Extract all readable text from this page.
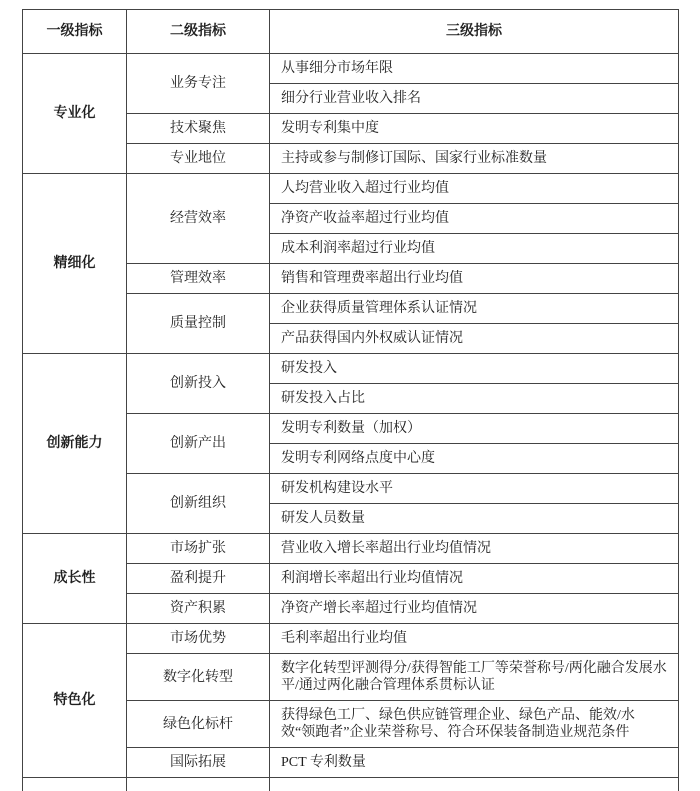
一级指标	二级指标	三级指标
专业化	业务专注	从事细分市场年限
		细分行业营业收入排名
	技术聚焦	发明专利集中度
	专业地位	主持或参与制修订国际、国家行业标准数量
精细化	经营效率	人均营业收入超过行业均值
		净资产收益率超过行业均值
		成本利润率超过行业均值
	管理效率	销售和管理费率超出行业均值
	质量控制	企业获得质量管理体系认证情况
		产品获得国内外权威认证情况
创新能力	创新投入	研发投入
		研发投入占比
	创新产出	发明专利数量（加权）
		发明专利网络点度中心度
	创新组织	研发机构建设水平
		研发人员数量
成长性	市场扩张	营业收入增长率超出行业均值情况
	盈利提升	利润增长率超出行业均值情况
	资产积累	净资产增长率超过行业均值情况
特色化	市场优势	毛利率超出行业均值
	数字化转型	数字化转型评测得分/获得智能工厂等荣誉称号/两化融合发展水平/通过两化融合管理体系贯标认证
	绿色化标杆	获得绿色工厂、绿色供应链管理企业、绿色产品、能效/水效“领跑者”企业荣誉称号、符合环保装备制造业规范条件
	国际拓展	PCT 专利数量
